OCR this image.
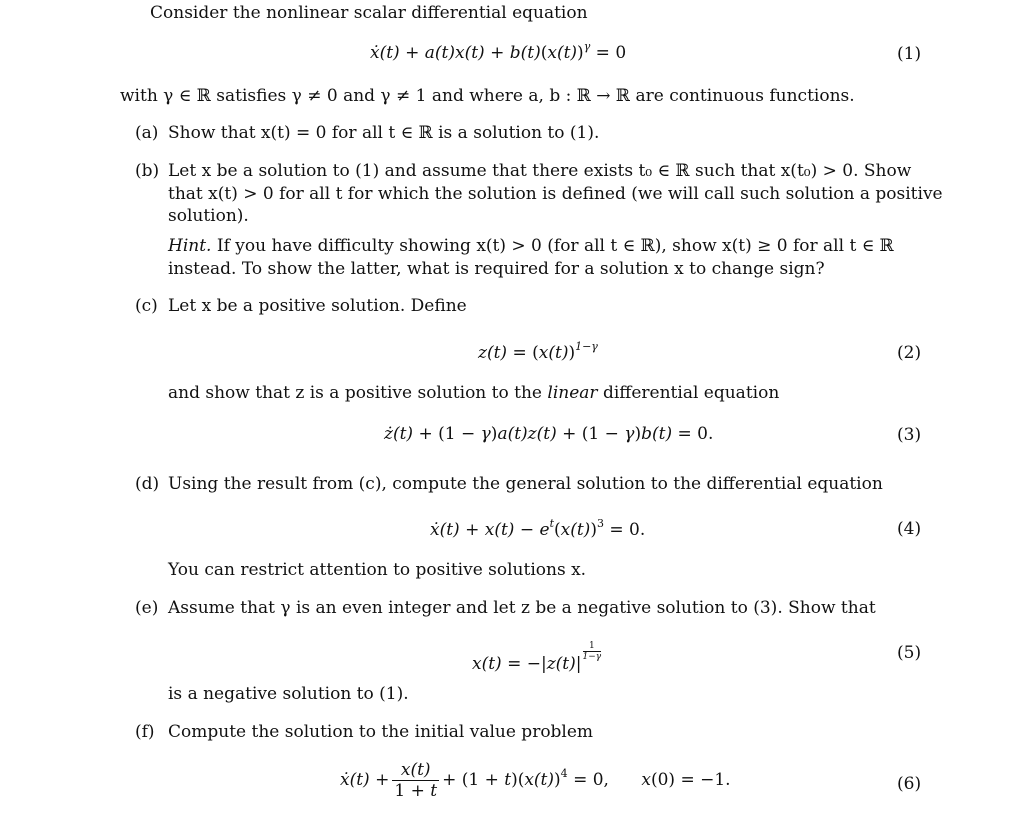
Consider the nonlinear scalar differential equation
ẋ(t) + $a(t)x(t) + b(t)(x(t))^\gamma = 0$	(1)
with γ ∈ ℝ satisfies γ ≠ 0 and γ ≠ 1 and where a, b : ℝ → ℝ are continuous functions.
(a) Show that x(t) = 0 for all t ∈ ℝ is a solution to (1).
(b) Let x be a solution to (1) and assume that there exists t₀ ∈ ℝ such that x(t₀) > 0. Show
that x(t) > 0 for all t for which the solution is defined (we will call such solution a positive
solution).
Hint. If you have difficulty showing x(t) > 0 (for all t ∈ ℝ), show x(t) ≥ 0 for all t ∈ ℝ
instead. To show the latter, what is required for a solution x to change sign?
(c) Let x be a positive solution. Define
$z(t) = (x(t))^{1-\gamma}$	(2)
and show that z is a positive solution to the linear differential equation
ż(t) + (1 − γ)a(t)z(t) + (1 − γ)b(t) = 0.	(3)
(d) Using the result from (c), compute the general solution to the differential equation
ẋ(t) + $x(t) - e^t(x(t))^3 = 0$.	(4)
You can restrict attention to positive solutions x.
(e) Assume that γ is an even integer and let z be a negative solution to (3). Show that
x(t) = −|z(t)|
$\frac{1}{1-\gamma}$	(5)
is a negative solution to (1).
(f) Compute the solution to the initial value problem
ẋ(t) + $\frac{x(t)}{1 + t} + (1 + t)(x(t))^4 = 0$,      x(0) = −1.	(6)
